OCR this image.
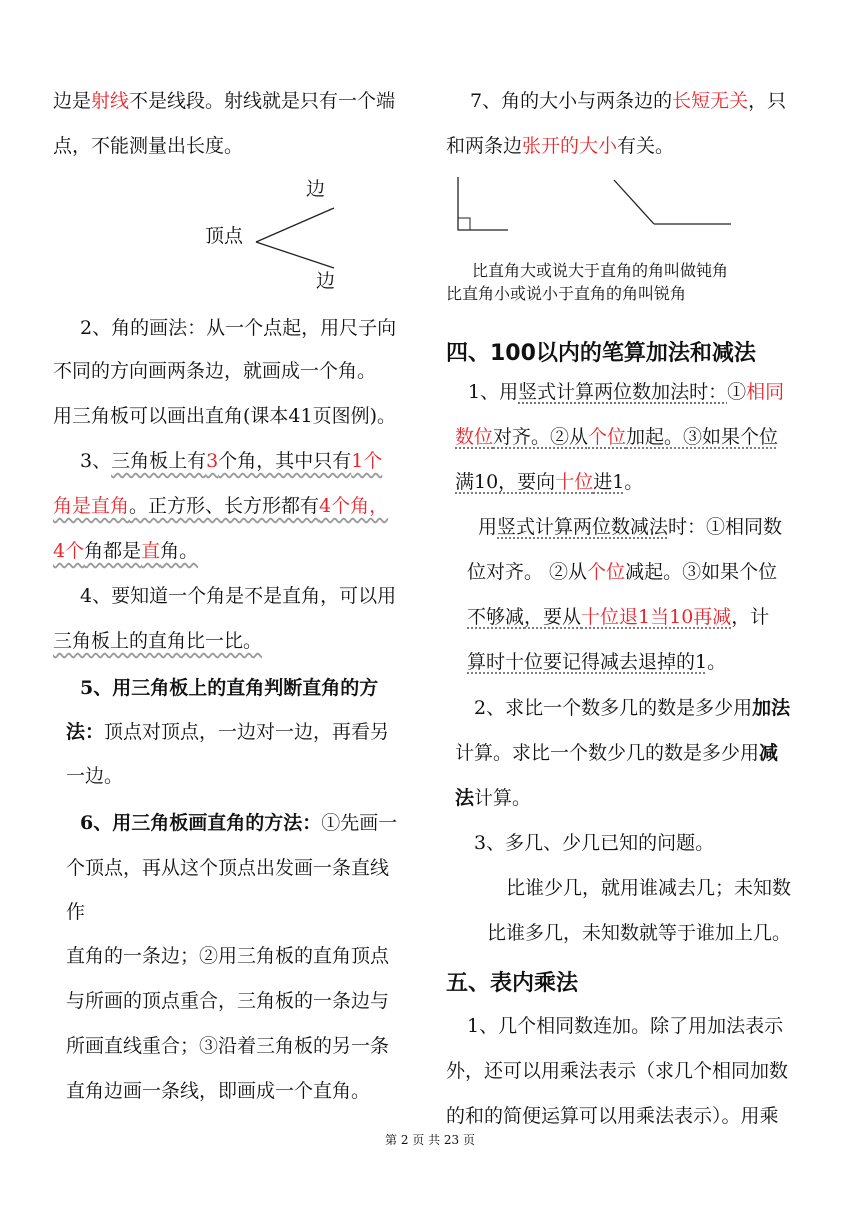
边是射线不是线段。射线就是只有一个端
点，不能测量出长度。
边
顶点
边
2、角的画法：从一个点起，用尺子向
不同的方向画两条边，就画成一个角。
用三角板可以画出直角(课本41页图例)。
3、三角板上有3个角，其中只有1个
角是直角。正方形、长方形都有4个角，
4个角都是直角。
4、要知道一个角是不是直角，可以用
三角板上的直角比一比。
5、用三角板上的直角判断直角的方
法：顶点对顶点，一边对一边，再看另
一边。
6、用三角板画直角的方法：①先画一
个顶点，再从这个顶点出发画一条直线
作
直角的一条边；②用三角板的直角顶点
与所画的顶点重合，三角板的一条边与
所画直线重合；③沿着三角板的另一条
直角边画一条线，即画成一个直角。
7、角的大小与两条边的长短无关，只
和两条边张开的大小有关。
比直角大或说大于直角的角叫做钝角
比直角小或说小于直角的角叫锐角
四、100以内的笔算加法和减法
1、用竖式计算两位数加法时：①相同
数位对齐。②从个位加起。③如果个位
满10，要向十位进1。
用竖式计算两位数减法时：①相同数
位对齐。 ②从个位减起。③如果个位
不够减，要从十位退1当10再减，计
算时十位要记得减去退掉的1。
2、求比一个数多几的数是多少用加法
计算。求比一个数少几的数是多少用减
法计算。
3、多几、少几已知的问题。
比谁少几，就用谁减去几；未知数
比谁多几，未知数就等于谁加上几。
五、表内乘法
1、几个相同数连加。除了用加法表示
外，还可以用乘法表示（求几个相同加数
的和的简便运算可以用乘法表示）。用乘
第 2 页 共 23 页
